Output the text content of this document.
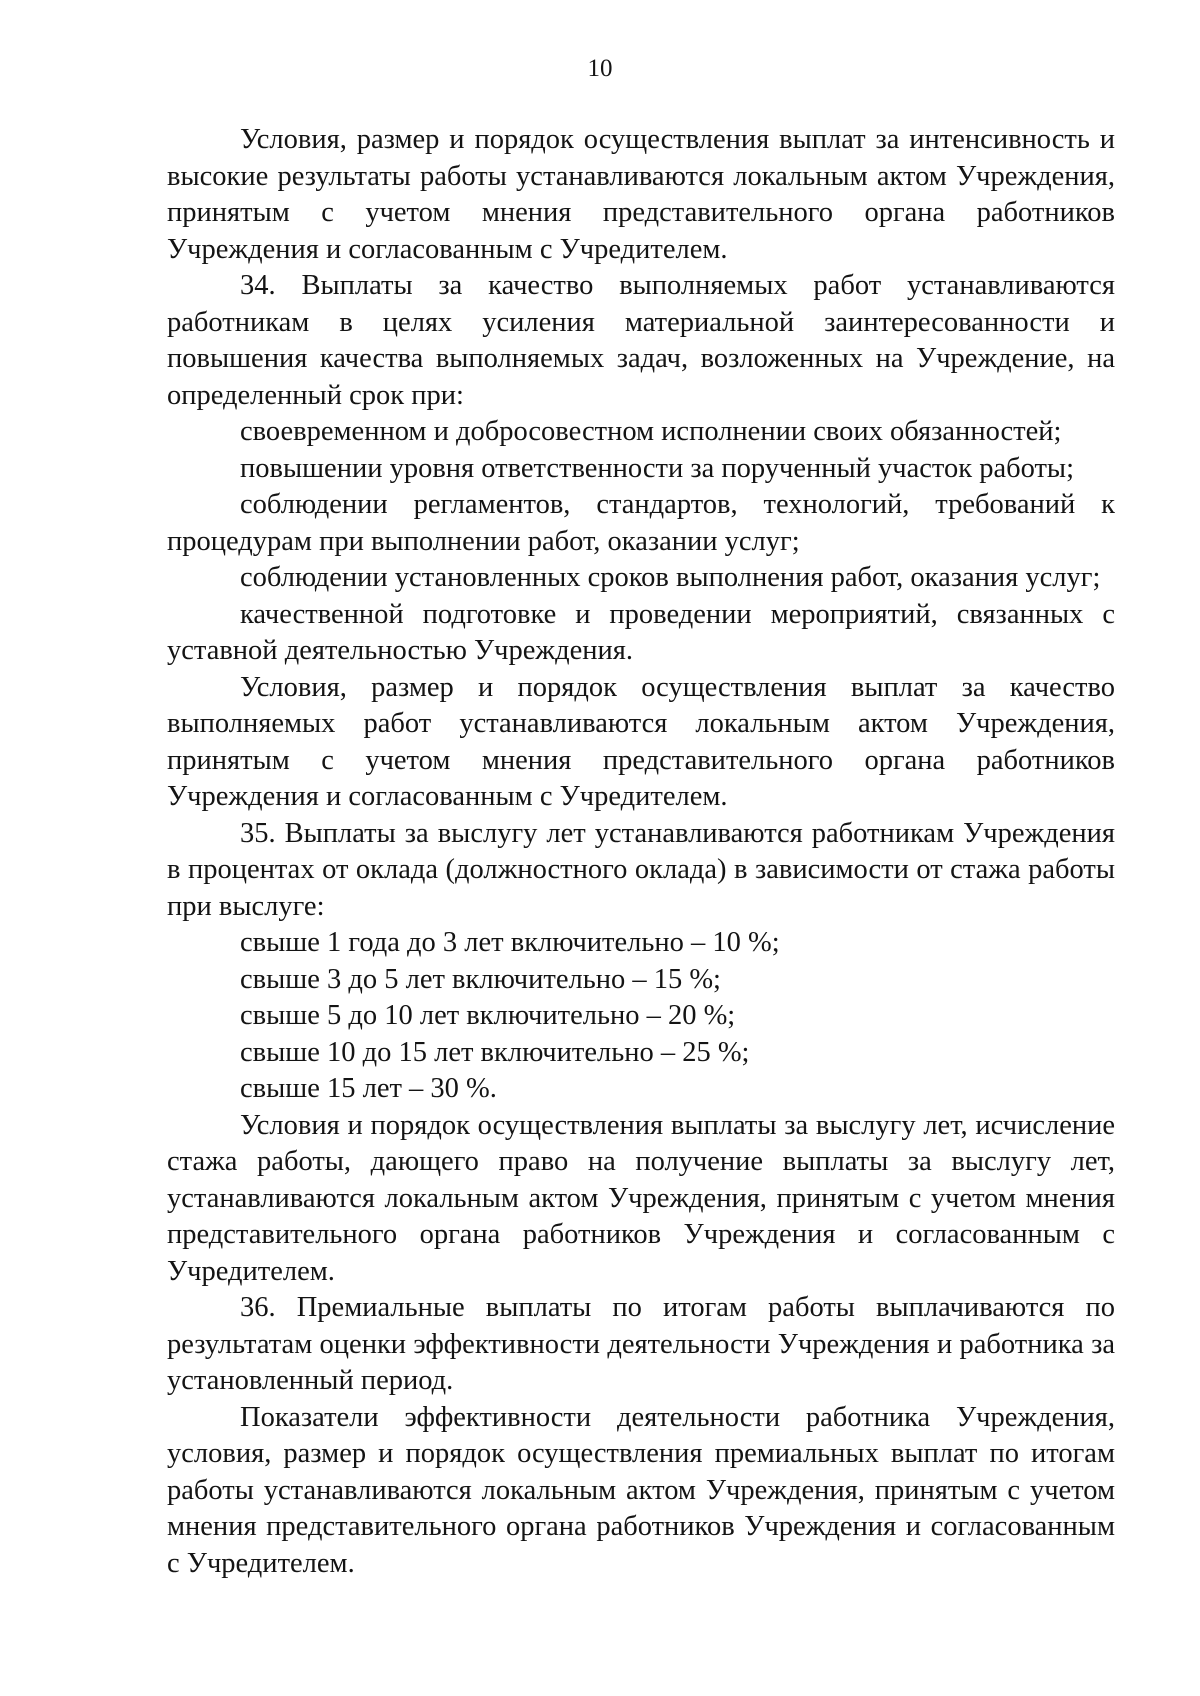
10

Условия, размер и порядок осуществления выплат за интенсивность и высокие результаты работы устанавливаются локальным актом Учреждения, принятым с учетом мнения представительного органа работников Учреждения и согласованным с Учредителем.

34. Выплаты за качество выполняемых работ устанавливаются работникам в целях усиления материальной заинтересованности и повышения качества выполняемых задач, возложенных на Учреждение, на определенный срок при:

своевременном и добросовестном исполнении своих обязанностей;

повышении уровня ответственности за порученный участок работы;

соблюдении регламентов, стандартов, технологий, требований к процедурам при выполнении работ, оказании услуг;

соблюдении установленных сроков выполнения работ, оказания услуг;

качественной подготовке и проведении мероприятий, связанных с уставной деятельностью Учреждения.

Условия, размер и порядок осуществления выплат за качество выполняемых работ устанавливаются локальным актом Учреждения, принятым с учетом мнения представительного органа работников Учреждения и согласованным с Учредителем.

35. Выплаты за выслугу лет устанавливаются работникам Учреждения в процентах от оклада (должностного оклада) в зависимости от стажа работы при выслуге:

свыше 1 года до 3 лет включительно – 10 %;

свыше 3 до 5 лет включительно – 15 %;

свыше 5 до 10 лет включительно – 20 %;

свыше 10 до 15 лет включительно – 25 %;

свыше 15 лет – 30 %.

Условия и порядок осуществления выплаты за выслугу лет, исчисление стажа работы, дающего право на получение выплаты за выслугу лет, устанавливаются локальным актом Учреждения, принятым с учетом мнения представительного органа работников Учреждения и согласованным с Учредителем.

36. Премиальные выплаты по итогам работы выплачиваются по результатам оценки эффективности деятельности Учреждения и работника за установленный период.

Показатели эффективности деятельности работника Учреждения, условия, размер и порядок осуществления премиальных выплат по итогам работы устанавливаются локальным актом Учреждения, принятым с учетом мнения представительного органа работников Учреждения и согласованным с Учредителем.
